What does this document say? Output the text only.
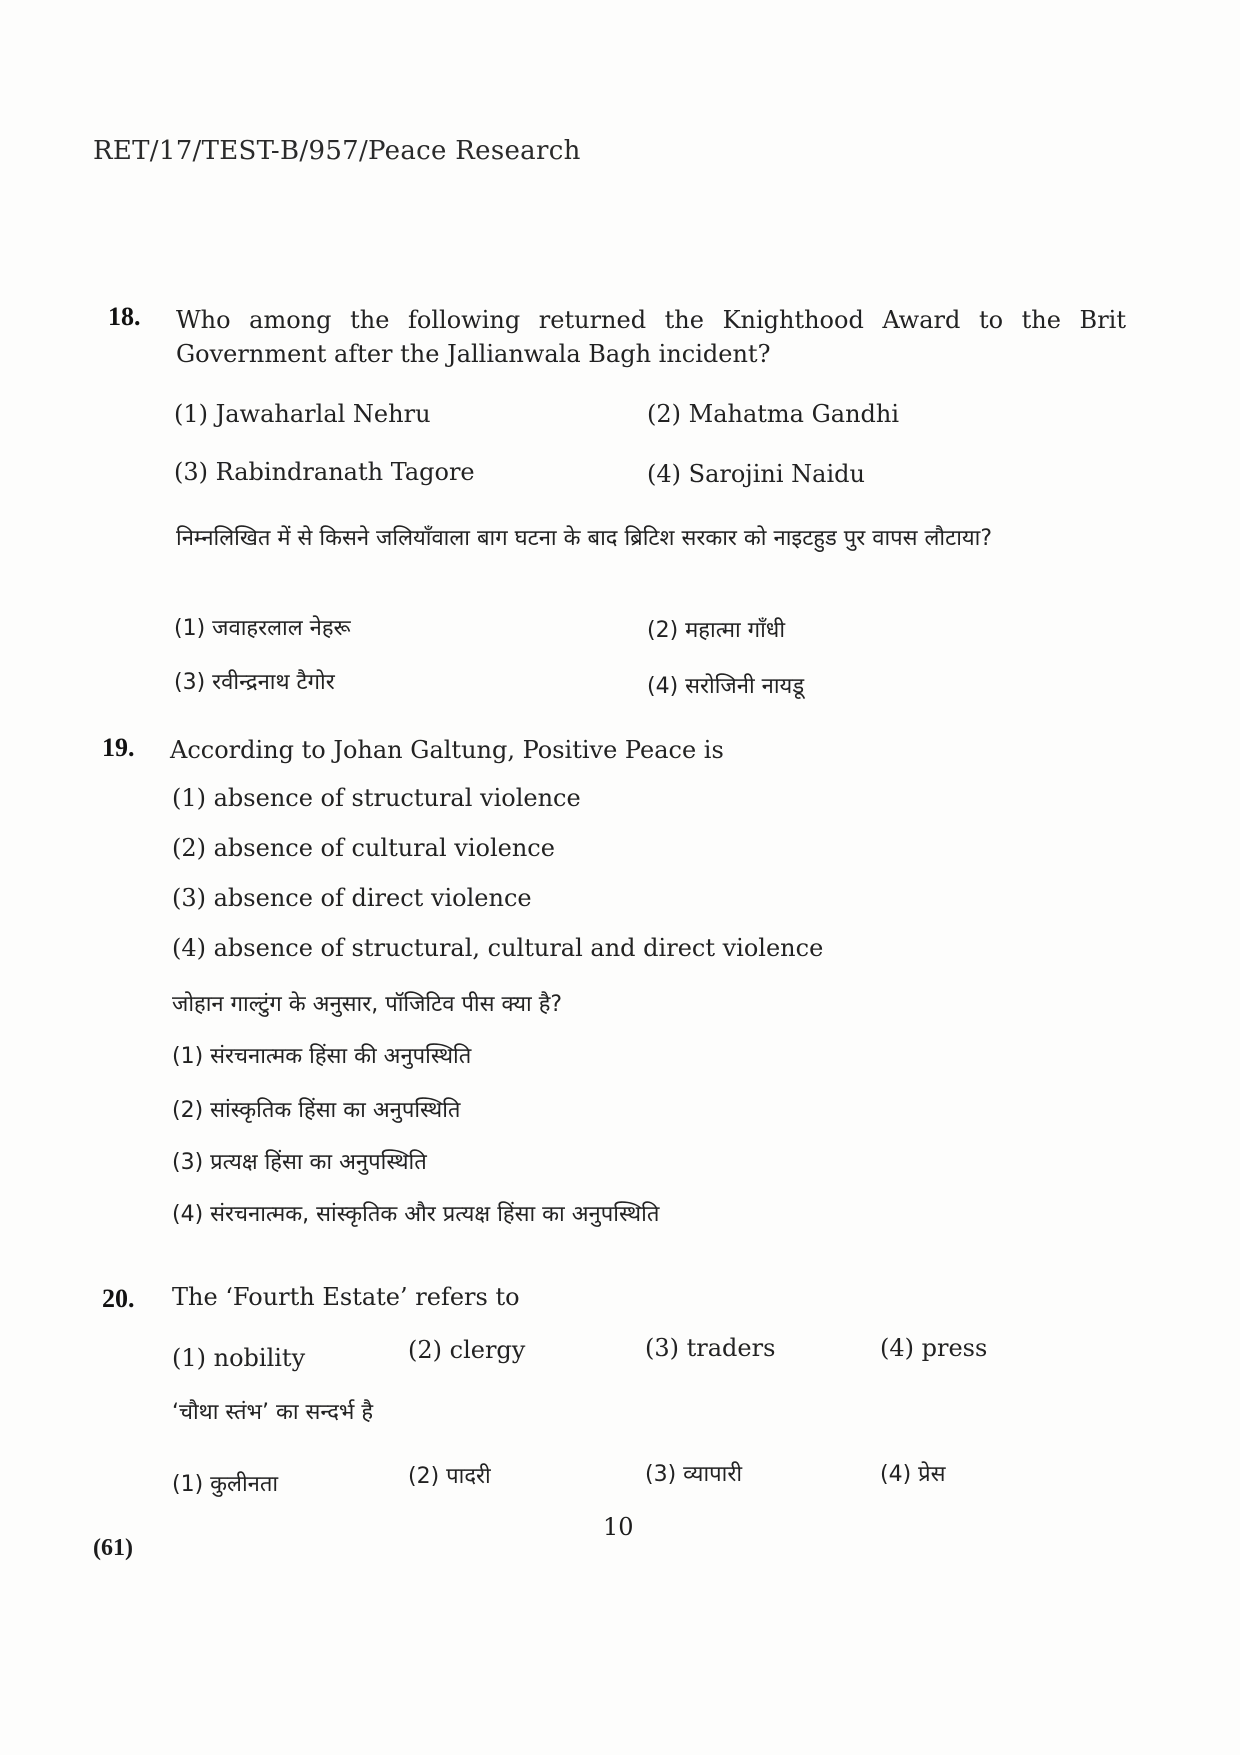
RET/17/TEST-B/957/Peace Research
18. Who among the following returned the Knighthood Award to the Brit Government after the Jallianwala Bagh incident?
(1) Jawaharlal Nehru	(2) Mahatma Gandhi
(3) Rabindranath Tagore	(4) Sarojini Naidu
निम्नलिखित में से किसने जलियाँवाला बाग घटना के बाद ब्रिटिश सरकार को नाइटहुड पुर वापस लौटाया?
(1) जवाहरलाल नेहरू	(2) महात्मा गाँधी
(3) रवीन्द्रनाथ टैगोर	(4) सरोजिनी नायडू
19. According to Johan Galtung, Positive Peace is
(1) absence of structural violence
(2) absence of cultural violence
(3) absence of direct violence
(4) absence of structural, cultural and direct violence
जोहान गाल्टुंग के अनुसार, पॉजिटिव पीस क्या है?
(1) संरचनात्मक हिंसा की अनुपस्थिति
(2) सांस्कृतिक हिंसा का अनुपस्थिति
(3) प्रत्यक्ष हिंसा का अनुपस्थिति
(4) संरचनात्मक, सांस्कृतिक और प्रत्यक्ष हिंसा का अनुपस्थिति
20. The ‘Fourth Estate’ refers to
(1) nobility	(2) clergy	(3) traders	(4) press
‘चौथा स्तंभ’ का सन्दर्भ है
(1) कुलीनता	(2) पादरी	(3) व्यापारी	(4) प्रेस
10
(61)
